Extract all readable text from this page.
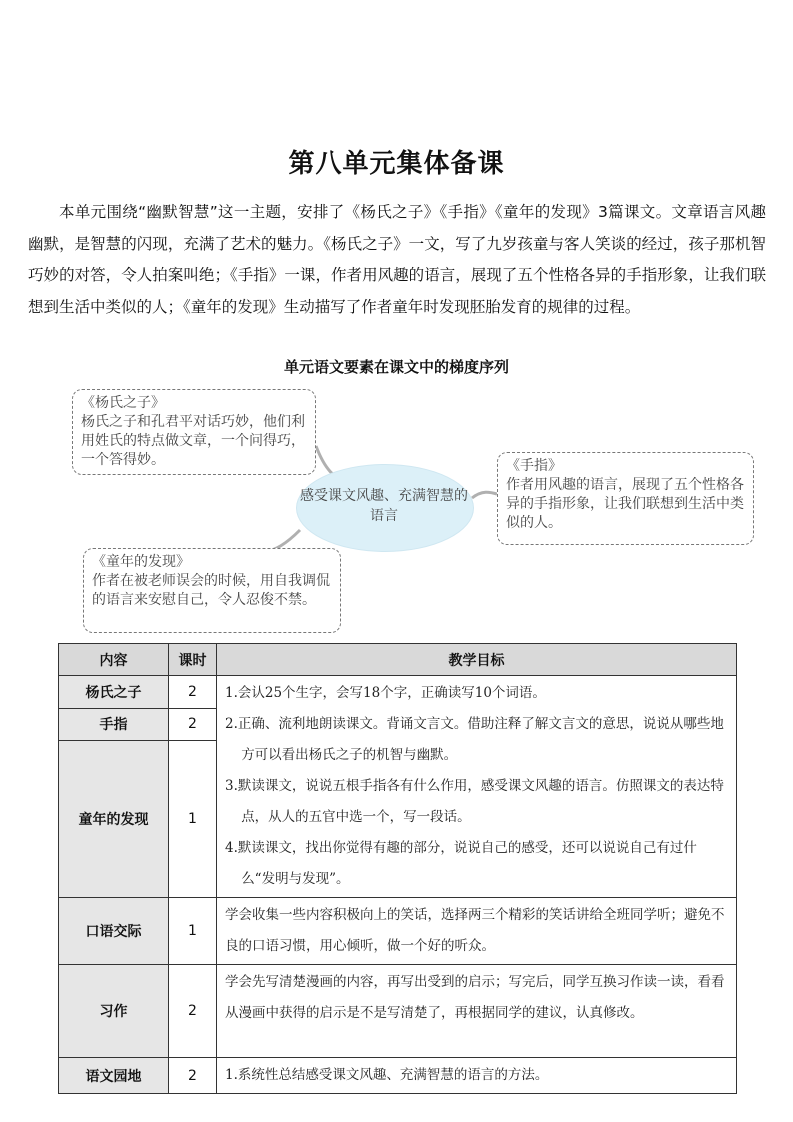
第八单元集体备课
本单元围绕“幽默智慧”这一主题，安排了《杨氏之子》《手指》《童年的发现》3篇课文。文章语言风趣幽默，是智慧的闪现，充满了艺术的魅力。《杨氏之子》一文，写了九岁孩童与客人笑谈的经过，孩子那机智巧妙的对答，令人拍案叫绝；《手指》一课，作者用风趣的语言，展现了五个性格各异的手指形象，让我们联想到生活中类似的人；《童年的发现》生动描写了作者童年时发现胚胎发育的规律的过程。
单元语文要素在课文中的梯度序列
《杨氏之子》
杨氏之子和孔君平对话巧妙，他们利用姓氏的特点做文章，一个问得巧，一个答得妙。
感受课文风趣、充满智慧的语言
《手指》
作者用风趣的语言，展现了五个性格各异的手指形象，让我们联想到生活中类似的人。
《童年的发现》
作者在被老师误会的时候，用自我调侃的语言来安慰自己，令人忍俊不禁。
内容	课时	教学目标
杨氏之子	2	1.会认25个生字，会写18个字，正确读写10个词语。
2.正确、流利地朗读课文。背诵文言文。借助注释了解文言文的意思，说说从哪些地方可以看出杨氏之子的机智与幽默。
3.默读课文，说说五根手指各有什么作用，感受课文风趣的语言。仿照课文的表达特点，从人的五官中选一个，写一段话。
4.默读课文，找出你觉得有趣的部分，说说自己的感受，还可以说说自己有过什么“发明与发现”。

手指	2	
童年的发现	1	
口语交际	1	学会收集一些内容积极向上的笑话，选择两三个精彩的笑话讲给全班同学听；避免不良的口语习惯，用心倾听，做一个好的听众。

习作	2	学会先写清楚漫画的内容，再写出受到的启示；写完后，同学互换习作读一读，看看从漫画中获得的启示是不是写清楚了，再根据同学的建议，认真修改。

语文园地	2	1.系统性总结感受课文风趣、充满智慧的语言的方法。
